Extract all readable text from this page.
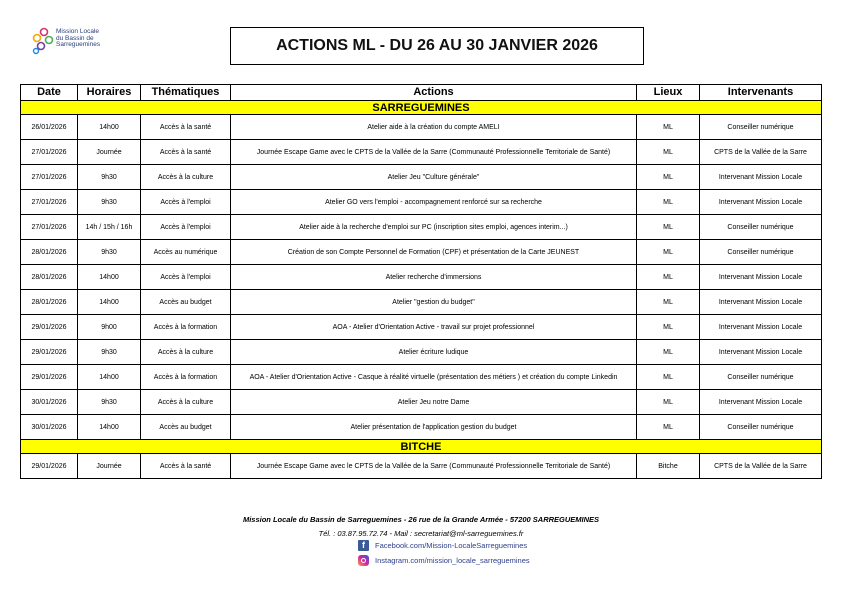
Mission Locale
du Bassin de
Sarreguemines	ACTIONS ML - DU 26 AU 30 JANVIER 2026
Date	Horaires	Thématiques	Actions	Lieux	Intervenants
SARREGUEMINES					
26/01/2026	14h00	Accès à la santé	Atelier aide à la création du compte AMELI	ML	Conseiller numérique
27/01/2026	Journée	Accès à la santé	Journée Escape Game avec le CPTS de la Vallée de la Sarre (Communauté Professionnelle Territoriale de Santé)	ML	CPTS de la Vallée de la Sarre
27/01/2026	9h30	Accès à la culture	Atelier Jeu "Culture générale"	ML	Intervenant Mission Locale
27/01/2026	9h30	Accès à l'emploi	Atelier GO vers l'emploi - accompagnement renforcé sur sa recherche	ML	Intervenant Mission Locale
27/01/2026	14h / 15h / 16h	Accès à l'emploi	Atelier aide à la recherche d'emploi sur PC (inscription sites emploi, agences interim...)	ML	Conseiller numérique
28/01/2026	9h30	Accès au numérique	Création de son Compte Personnel de Formation (CPF) et présentation de la Carte JEUNEST	ML	Conseiller numérique
28/01/2026	14h00	Accès à l'emploi	Atelier recherche d'immersions	ML	Intervenant Mission Locale
28/01/2026	14h00	Accès au budget	Atelier "gestion du budget"	ML	Intervenant Mission Locale
29/01/2026	9h00	Accès à la formation	AOA - Atelier d'Orientation Active - travail sur projet professionnel	ML	Intervenant Mission Locale
29/01/2026	9h30	Accès à la culture	Atelier écriture ludique	ML	Intervenant Mission Locale
29/01/2026	14h00	Accès à la formation	AOA - Atelier d'Orientation Active - Casque à réalité virtuelle (présentation des métiers ) et création du compte Linkedin	ML	Conseiller numérique
30/01/2026	9h30	Accès à la culture	Atelier Jeu notre Dame	ML	Intervenant Mission Locale
30/01/2026	14h00	Accès au budget	Atelier présentation de l'application gestion du budget	ML	Conseiller numérique
BITCHE					
29/01/2026	Journée	Accès à la santé	Journée Escape Game avec le CPTS de la Vallée de la Sarre (Communauté Professionnelle Territoriale de Santé)	Bitche	CPTS de la Vallée de la Sarre
Mission Locale du Bassin de Sarreguemines - 26 rue de la Grande Armée - 57200 SARREGUEMINES
Tél. : 03.87.95.72.74 - Mail : secretariat@ml-sarreguemines.fr
f	Facebook.com/Mission-LocaleSarreguemines
Instagram.com/mission_locale_sarreguemines
